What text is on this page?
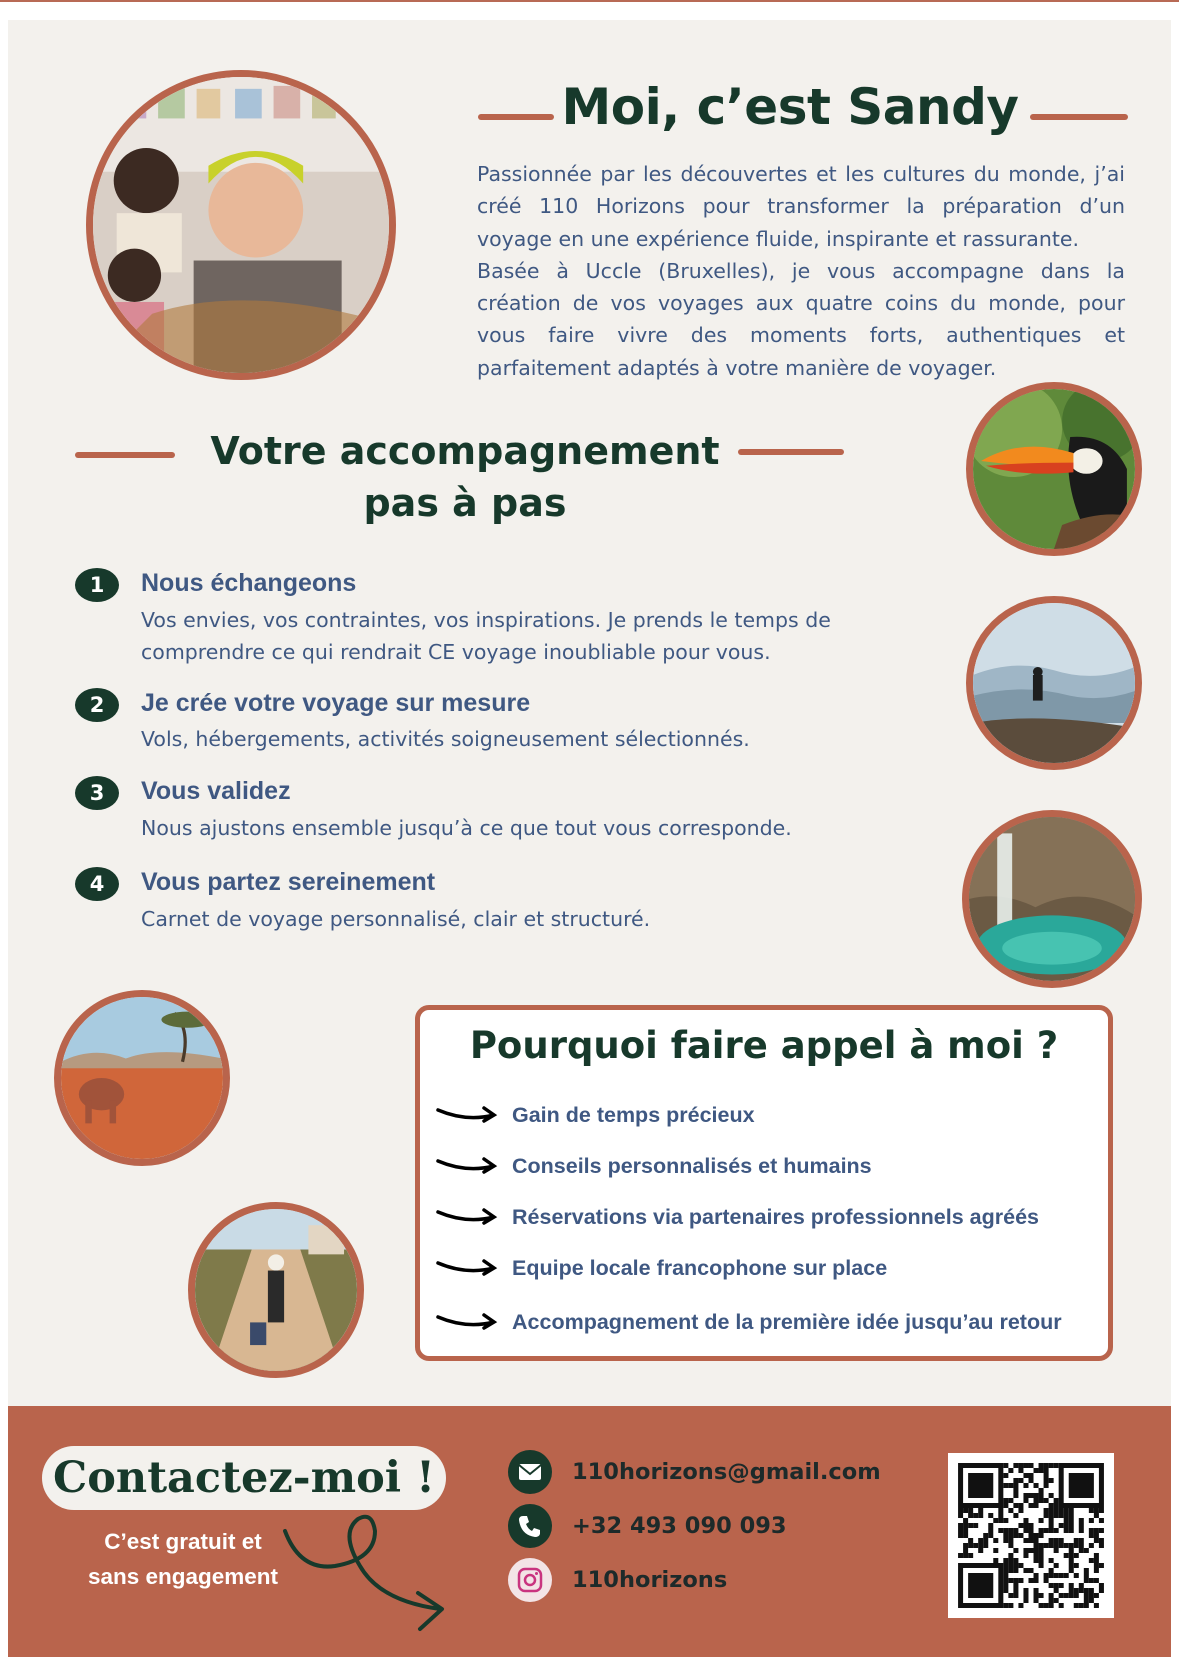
Moi, c’est Sandy

Passionnée par les découvertes et les cultures du monde, j’ai créé 110 Horizons pour transformer la préparation d’un voyage en une expérience fluide, inspirante et rassurante.

Basée à Uccle (Bruxelles), je vous accompagne dans la création de vos voyages aux quatre coins du monde, pour vous faire vivre des moments forts, authentiques et parfaitement adaptés à votre manière de voyager.

Votre accompagnement
pas à pas
1	Nous échangeons
Vos envies, vos contraintes, vos inspirations. Je prends le temps de comprendre ce qui rendrait CE voyage inoubliable pour vous.
2	Je crée votre voyage sur mesure
Vols, hébergements, activités soigneusement sélectionnés.
3	Vous validez
Nous ajustons ensemble jusqu’à ce que tout vous corresponde.
4	Vous partez sereinement
Carnet de voyage personnalisé, clair et structuré.
Pourquoi faire appel à moi ?
Gain de temps précieux
Conseils personnalisés et humains
Réservations via partenaires professionnels agréés
Equipe locale francophone sur place
Accompagnement de la première idée jusqu’au retour
Contactez-moi !
C’est gratuit et
sans engagement
110horizons@gmail.com
+32 493 090 093
110horizons
